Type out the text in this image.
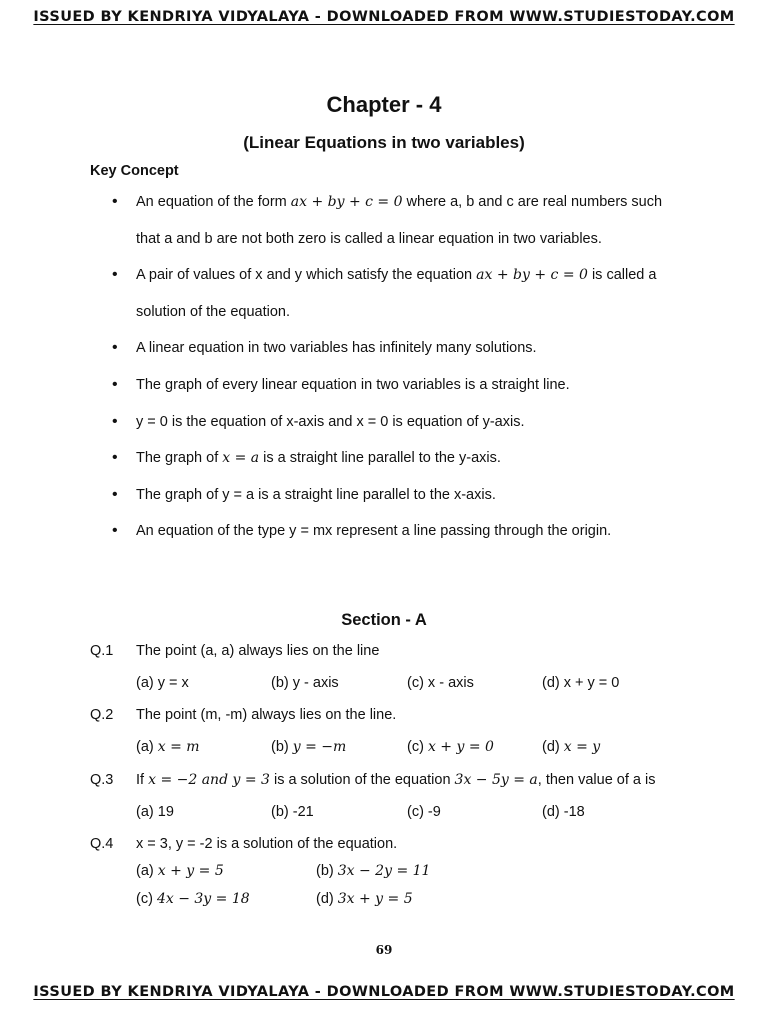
ISSUED BY KENDRIYA VIDYALAYA - DOWNLOADED FROM WWW.STUDIESTODAY.COM
Chapter - 4
(Linear Equations in two variables)
Key Concept
• An equation of the form ax + by + c = 0 where a, b and c are real numbers such
that a and b are not both zero is called a linear equation in two variables.
• A pair of values of x and y which satisfy the equation ax + by + c = 0 is called a
solution of the equation.
• A linear equation in two variables has infinitely many solutions.
• The graph of every linear equation in two variables is a straight line.
• y = 0 is the equation of x-axis and x = 0 is equation of y-axis.
• The graph of x = a is a straight line parallel to the y-axis.
• The graph of y = a is a straight line parallel to the x-axis.
• An equation of the type y = mx represent a line passing through the origin.
Section - A
Q.1 The point (a, a) always lies on the line
(a) y = x	(b) y - axis	(c) x - axis	(d) x + y = 0
Q.2 The point (m, -m) always lies on the line.
(a) x = m	(b) y = −m	(c) x + y = 0	(d) x = y
Q.3 If x = −2 and y = 3 is a solution of the equation 3x − 5y = a, then value of a is
(a) 19	(b) -21	(c) -9	(d) -18
Q.4 x = 3, y = -2 is a solution of the equation.
(a) x + y = 5	(b) 3x − 2y = 11
(c) 4x − 3y = 18	(d) 3x + y = 5
69
ISSUED BY KENDRIYA VIDYALAYA - DOWNLOADED FROM WWW.STUDIESTODAY.COM
